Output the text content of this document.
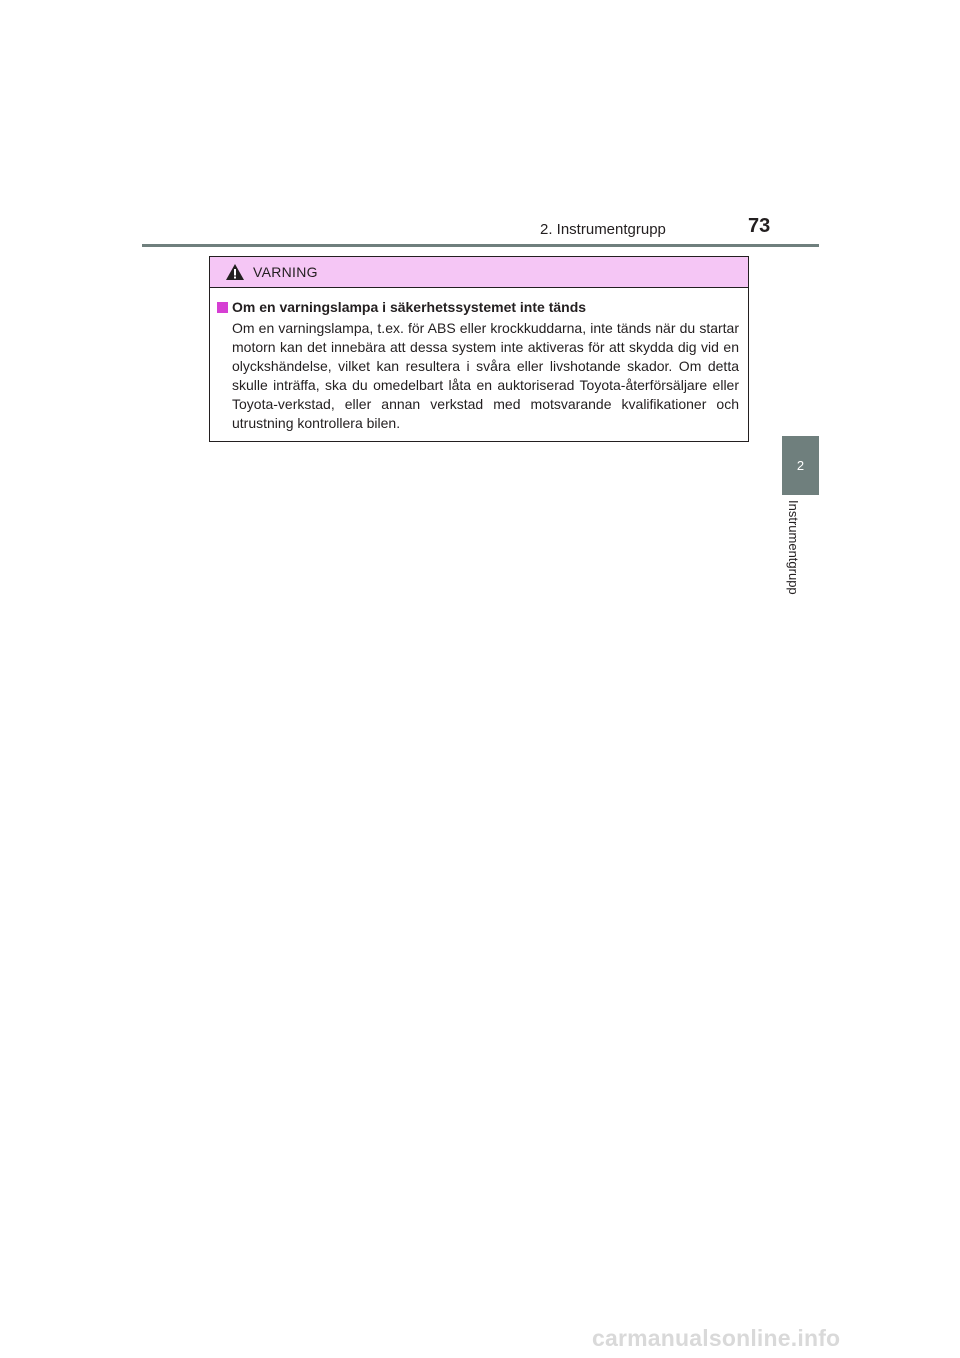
2. Instrumentgrupp	73
2
Instrumentgrupp
VARNING
Om en varningslampa i säkerhetssystemet inte tänds
Om en varningslampa, t.ex. för ABS eller krockkuddarna, inte tänds när du startar motorn kan det innebära att dessa system inte aktiveras för att skydda dig vid en olyckshändelse, vilket kan resultera i svåra eller livshotande skador. Om detta skulle inträffa, ska du omedelbart låta en auktoriserad Toyota-återförsäljare eller Toyota-verkstad, eller annan verkstad med motsvarande kvalifikationer och utrustning kontrollera bilen.
carmanualsonline.info
